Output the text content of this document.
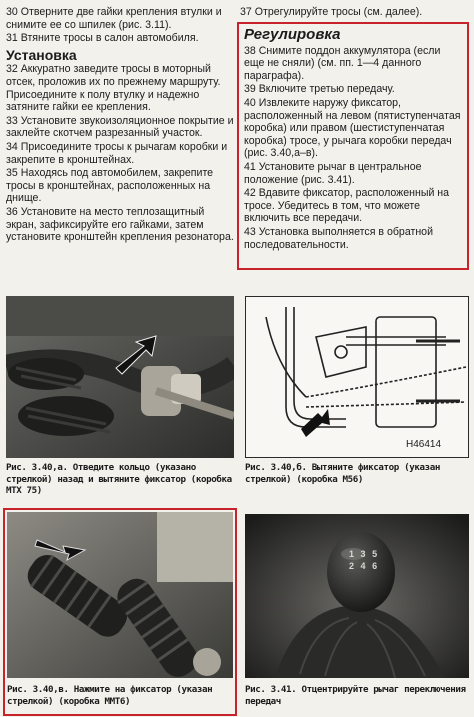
30 Отверните две гайки крепления втулки и снимите ее со шпилек (рис. 3.11).

31 Втяните тросы в салон автомобиля.

Установка

32 Аккуратно заведите тросы в моторный отсек, проложив их по прежнему маршруту. Присоедините к полу втулку и надежно затяните гайки ее крепления.

33 Установите звукоизоляционное покрытие и заклейте скотчем разрезанный участок.

34 Присоедините тросы к рычагам коробки и закрепите в кронштейнах.

35 Находясь под автомобилем, закрепите тросы в кронштейнах, расположенных на днище.

36 Установите на место теплозащитный экран, зафиксируйте его гайками, затем установите кронштейн крепления резонатора.

37 Отрегулируйте тросы (см. далее).

Регулировка

38 Снимите поддон аккумулятора (если еще не сняли) (см. пп. 1—4 данного параграфа).

39 Включите третью передачу.

40 Извлеките наружу фиксатор, расположенный на левом (пятиступенчатая коробка) или правом (шестиступенчатая коробка) тросе, у рычага коробки передач (рис. 3.40,а–в).

41 Установите рычаг в центральное положение (рис. 3.41).

42 Вдавите фиксатор, расположенный на тросе. Убедитесь в том, что можете включить все передачи.

43 Установка выполняется в обратной последовательности.

Рис. 3.40,а. Отведите кольцо (указано стрелкой) назад и вытяните фиксатор (коробка МТХ 75)
H46414
Рис. 3.40,б. Вытяните фиксатор (указан стрелкой) (коробка М56)
Рис. 3.40,в. Нажмите на фиксатор (указан стрелкой) (коробка ММТ6)
1 3 5
2 4 6
Рис. 3.41. Отцентрируйте рычаг переключения передач
